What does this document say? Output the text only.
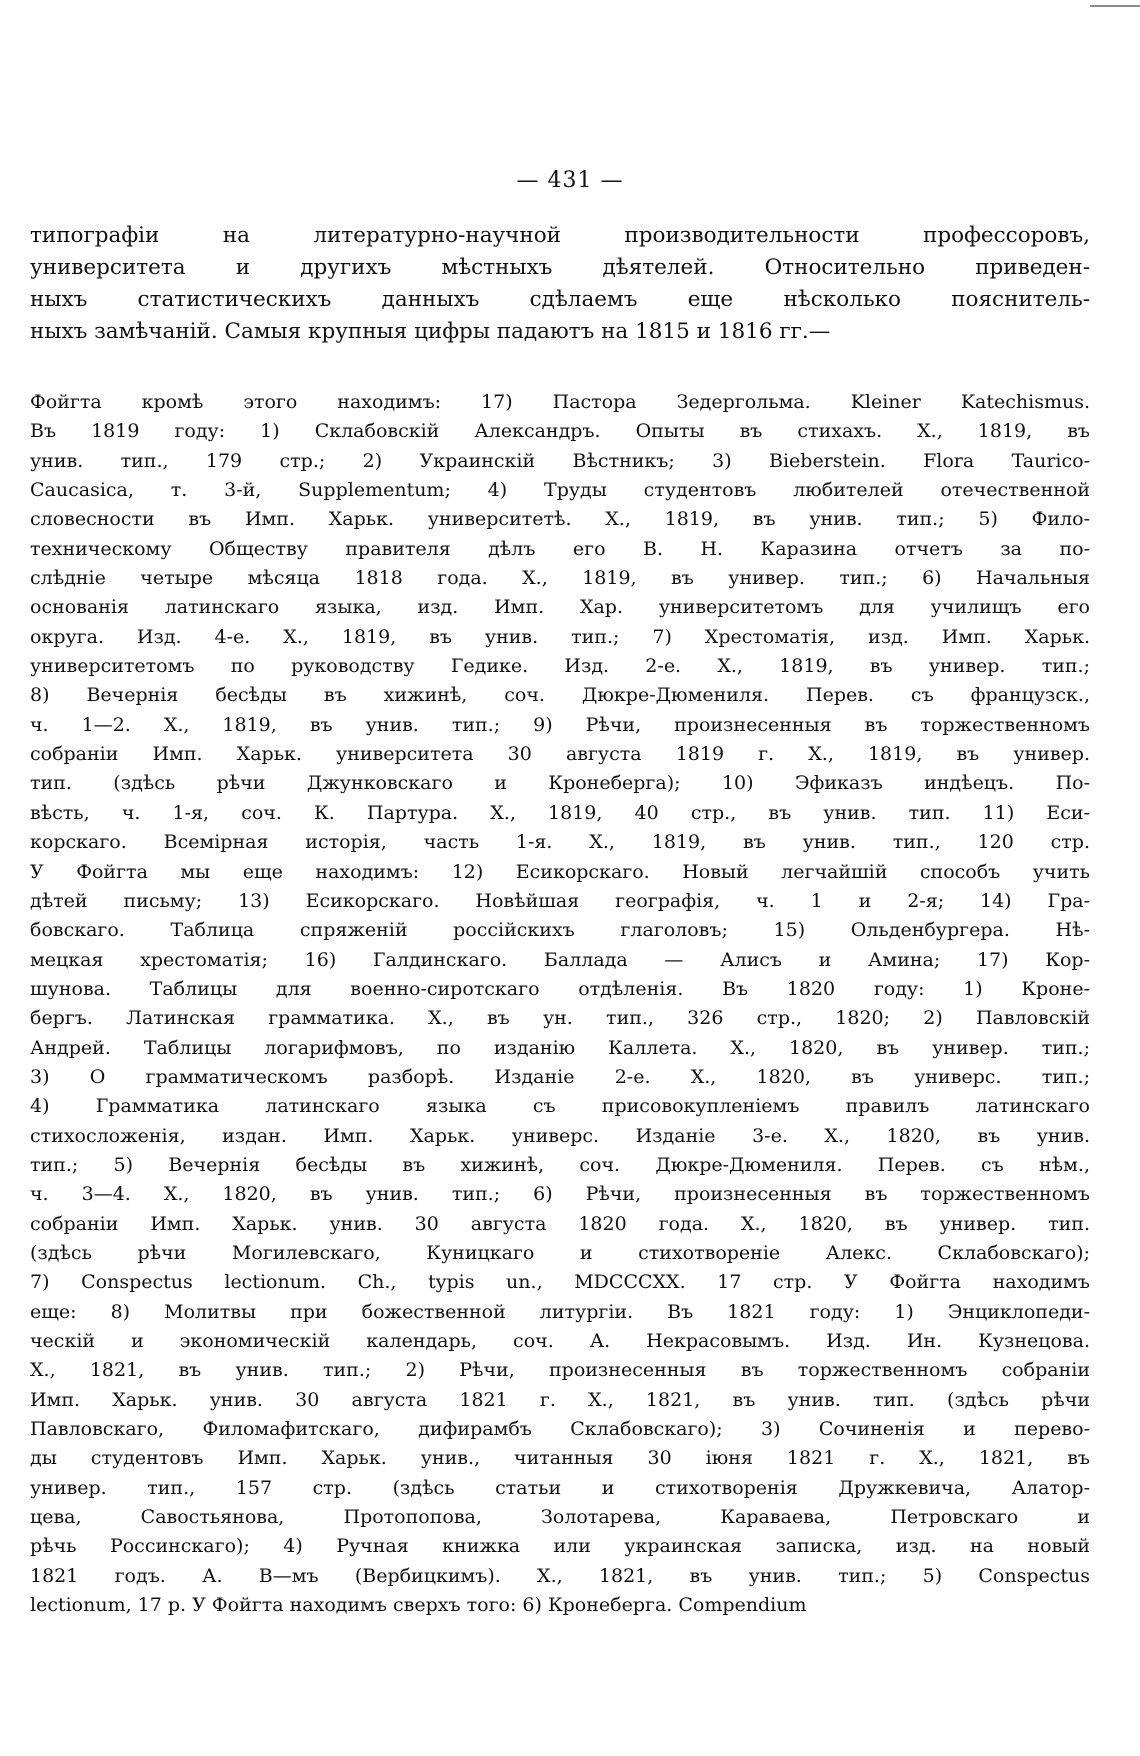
— 431 —
типографіи на литературно-научной производительности профессоровъ,
университета и другихъ мѣстныхъ дѣятелей. Относительно приведен-
ныхъ статистическихъ данныхъ сдѣлаемъ еще нѣсколько пояснитель-
ныхъ замѣчаній. Самыя крупныя цифры падаютъ на 1815 и 1816 гг.—
Фойгта кромѣ этого находимъ: 17) Пастора Зедергольма. Kleiner Katechismus.
Въ 1819 году: 1) Склабовскій Александръ. Опыты въ стихахъ. Х., 1819, въ
унив. тип., 179 стр.; 2) Украинскій Вѣстникъ; 3) Bieberstein. Flora Taurico-
Caucasica, т. 3-й, Supplementum; 4) Труды студентовъ любителей отечественной
словесности въ Имп. Харьк. университетѣ. Х., 1819, въ унив. тип.; 5) Фило-
техническому Обществу правителя дѣлъ его В. Н. Каразина отчетъ за по-
слѣдніе четыре мѣсяца 1818 года. Х., 1819, въ универ. тип.; 6) Начальныя
основанія латинскаго языка, изд. Имп. Хар. университетомъ для училищъ его
округа. Изд. 4-е. Х., 1819, въ унив. тип.; 7) Хрестоматія, изд. Имп. Харьк.
университетомъ по руководству Гедике. Изд. 2-е. Х., 1819, въ универ. тип.;
8) Вечернія бесѣды въ хижинѣ, соч. Дюкре-Дюмениля. Перев. съ французск.,
ч. 1—2. Х., 1819, въ унив. тип.; 9) Рѣчи, произнесенныя въ торжественномъ
собраніи Имп. Харьк. университета 30 августа 1819 г. Х., 1819, въ универ.
тип. (здѣсь рѣчи Джунковскаго и Кронеберга); 10) Эфиказъ индѣецъ. По-
вѣсть, ч. 1-я, соч. К. Партура. Х., 1819, 40 стр., въ унив. тип. 11) Еси-
корскаго. Всемірная исторія, часть 1-я. Х., 1819, въ унив. тип., 120 стр.
У Фойгта мы еще находимъ: 12) Есикорскаго. Новый легчайшій способъ учить
дѣтей письму; 13) Есикорскаго. Новѣйшая географія, ч. 1 и 2-я; 14) Гра-
бовскаго. Таблица спряженій россійскихъ глаголовъ; 15) Ольденбургера. Нѣ-
мецкая хрестоматія; 16) Галдинскаго. Баллада — Алисъ и Амина; 17) Кор-
шунова. Таблицы для военно-сиротскаго отдѣленія. Въ 1820 году: 1) Кроне-
бергъ. Латинская грамматика. Х., въ ун. тип., 326 стр., 1820; 2) Павловскій
Андрей. Таблицы логарифмовъ, по изданію Каллета. Х., 1820, въ универ. тип.;
3) О грамматическомъ разборѣ. Изданіе 2-е. Х., 1820, въ универс. тип.;
4) Грамматика латинскаго языка съ присовокупленіемъ правилъ латинскаго
стихосложенія, издан. Имп. Харьк. универс. Изданіе 3-е. Х., 1820, въ унив.
тип.; 5) Вечернія бесѣды въ хижинѣ, соч. Дюкре-Дюмениля. Перев. съ нѣм.,
ч. 3—4. Х., 1820, въ унив. тип.; 6) Рѣчи, произнесенныя въ торжественномъ
собраніи Имп. Харьк. унив. 30 августа 1820 года. Х., 1820, въ универ. тип.
(здѣсь рѣчи Могилевскаго, Куницкаго и стихотвореніе Алекс. Склабовскаго);
7) Conspectus lectionum. Ch., typis un., MDCCCXX. 17 стр. У Фойгта находимъ
еще: 8) Молитвы при божественной литургіи. Въ 1821 году: 1) Энциклопеди-
ческій и экономическій календарь, соч. А. Некрасовымъ. Изд. Ин. Кузнецова.
Х., 1821, въ унив. тип.; 2) Рѣчи, произнесенныя въ торжественномъ собраніи
Имп. Харьк. унив. 30 августа 1821 г. Х., 1821, въ унив. тип. (здѣсь рѣчи
Павловскаго, Филомафитскаго, дифирамбъ Склабовскаго); 3) Сочиненія и перево-
ды студентовъ Имп. Харьк. унив., читанныя 30 іюня 1821 г. Х., 1821, въ
универ. тип., 157 стр. (здѣсь статьи и стихотворенія Дружкевича, Алатор-
цева, Савостьянова, Протопопова, Золотарева, Караваева, Петровскаго и
рѣчь Россинскаго); 4) Ручная книжка или украинская записка, изд. на новый
1821 годъ. А. В—мъ (Вербицкимъ). Х., 1821, въ унив. тип.; 5) Conspectus
lectionum, 17 р. У Фойгта находимъ сверхъ того: 6) Кронеберга. Compendium
